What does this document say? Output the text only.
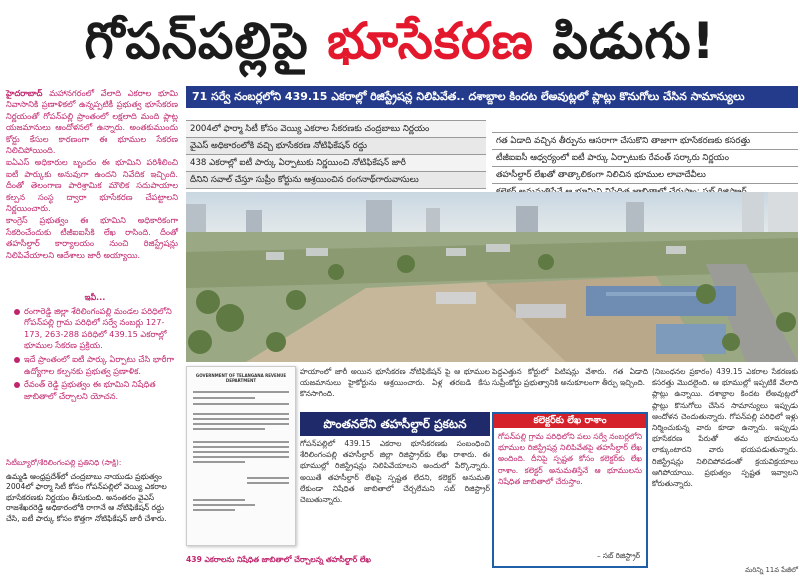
గోపన్‌పల్లిపై భూసేకరణ పిడుగు!
71 సర్వే నంబర్లలోని 439.15 ఎకరాల్లో రిజిస్ట్రేషన్ల నిలిపివేత.. దశాబ్దాల కిందట లేఅవుట్లలో ప్లాట్లు కొనుగోలు చేసిన సామాన్యులు

హైదరాబాద్ మహానగరంలో వేలాది ఎకరాల భూమి నివాసానికి ప్రణాళికలో ఉన్నప్పటికీ ప్రభుత్వ భూసేకరణ నిర్ణయంతో గోపన్‌పల్లి ప్రాంతంలో లక్షలాది మంది ప్లాట్ల యజమానులు ఆందోళనలో ఉన్నారు. అంతకుముందు కోర్టు కేసుల కారణంగా ఈ భూముల సేకరణ నిలిచిపోయింది.

ఐఏఎస్ అధికారుల బృందం ఈ భూమిని పరిశీలించి ఐటీ పార్కుకు అనువుగా ఉందని నివేదిక ఇచ్చింది. దీంతో తెలంగాణ పారిశ్రామిక మౌలిక సదుపాయాల కల్పన సంస్థ ద్వారా భూసేకరణ చేపట్టాలని నిర్ణయించారు.

కాంగ్రెస్ ప్రభుత్వం ఈ భూమిని అధికారికంగా సేకరించేందుకు టీజీఐఐసీకి లేఖ రాసింది. దీంతో తహసీల్దార్ కార్యాలయం నుంచి రిజిస్ట్రేషన్లు నిలిపివేయాలని ఆదేశాలు జారీ అయ్యాయి.

ఇవీ...
రంగారెడ్డి జిల్లా శేరిలింగంపల్లి మండల పరిధిలోని గోపన్‌పల్లి గ్రామ పరిధిలో సర్వే నంబర్లు 127-173, 263-288 పరిధిలో 439.15 ఎకరాల్లో భూముల సేకరణ ప్రక్రియ.
ఇదే ప్రాంతంలో ఐటీ పార్కు ఏర్పాటు చేసి భారీగా ఉద్యోగాల కల్పనకు ప్రభుత్వ ప్రణాళిక.
రేవంత్ రెడ్డి ప్రభుత్వం ఈ భూమిని నిషేధిత జాబితాలో చేర్చాలని యోచన.
సిటీబ్యూరో/శేరిలింగంపల్లి ప్రతినిధి (సాక్షి):
ఉమ్మడి ఆంధ్రప్రదేశ్‌లో చంద్రబాబు నాయుడు ప్రభుత్వం 2004లో ఫార్మా సిటీ కోసం గోపన్‌పల్లిలో వెయ్యి ఎకరాల భూసేకరణకు నిర్ణయం తీసుకుంది. అనంతరం వైఎస్ రాజశేఖరరెడ్డి అధికారంలోకి రాగానే ఆ నోటిఫికేషన్ రద్దు చేసి, ఐటీ పార్కు కోసం కొత్తగా నోటిఫికేషన్ జారీ చేశారు.
2004లో ఫార్మా సిటీ కోసం వెయ్యి ఎకరాల సేకరణకు చంద్రబాబు నిర్ణయం
వైఎస్ అధికారంలోకి వచ్చి భూసేకరణ నోటిఫికేషన్ రద్దు
438 ఎకరాల్లో ఐటీ పార్కు ఏర్పాటుకు నిర్ణయించి నోటిఫికేషన్ జారీ
దీనిని సవాల్ చేస్తూ సుప్రీం కోర్టును ఆశ్రయించిన రంగనాథ్‌గారువాసులు
గత ఏడాది వచ్చిన తీర్పును ఆసరాగా చేసుకొని తాజాగా భూసేకరణకు కసరత్తు
టీజీఐఐసీ ఆధ్వర్యంలో ఐటీ పార్కు ఏర్పాటుకు రేవంత్ సర్కారు నిర్ణయం
తహసీల్దార్ లేఖతో తాత్కాలికంగా నిలిచిన భూముల లావాదేవీలు
GOVERNMENT OF TELANGANA REVENUE DEPARTMENT
439 ఎకరాలను నిషేధిత జాబితాలో చేర్చాలన్న తహసీల్దార్ లేఖ
హయాంలో జారీ అయిన భూసేకరణ నోటిఫికేషన్ పై ఆ భూముల యజమానులు హైకోర్టును ఆశ్రయించారు. ఏళ్ల తరబడి కేసు కొనసాగింది.
పెద్దఎత్తున కోర్టులో పిటిషన్లు వేశారు. గత ఏడాది సుప్రీంకోర్టు ప్రభుత్వానికి అనుకూలంగా తీర్పు ఇచ్చింది.
(నిబంధనల ప్రకారం) 439.15 ఎకరాల సేకరణకు కసరత్తు మొదలైంది. ఆ భూముల్లో ఇప్పటికే వేలాది ప్లాట్లు ఉన్నాయి. దశాబ్దాల కిందట లేఅవుట్లలో ప్లాట్లు కొనుగోలు చేసిన సామాన్యులు ఇప్పుడు ఆందోళన చెందుతున్నారు. గోపన్‌పల్లి పరిధిలో ఇళ్లు నిర్మించుకున్న వారు కూడా ఉన్నారు. ఇప్పుడు భూసేకరణ పేరుతో తమ భూములను లాక్కుంటారని వారు భయపడుతున్నారు. రిజిస్ట్రేషన్లు నిలిచిపోవడంతో క్రయవిక్రయాలు ఆగిపోయాయి. ప్రభుత్వం స్పష్టత ఇవ్వాలని కోరుతున్నారు.
పొంతనలేని తహసీల్దార్ ప్రకటన
గోపన్‌పల్లిలో 439.15 ఎకరాల భూసేకరణకు సంబంధించి శేరిలింగంపల్లి తహసీల్దార్ జిల్లా రిజిస్ట్రార్‌కు లేఖ రాశారు. ఈ భూముల్లో రిజిస్ట్రేషన్లు నిలిపివేయాలని అందులో పేర్కొన్నారు. అయితే తహసీల్దార్ లేఖపై స్పష్టత లేదని, కలెక్టర్ అనుమతి లేకుండా నిషేధిత జాబితాలో చేర్చలేమని సబ్ రిజిస్ట్రార్ చెబుతున్నారు.
కలెక్టర్‌కు లేఖ రాశాం
గోపన్‌పల్లి గ్రామ పరిధిలోని పలు సర్వే నంబర్లలోని భూముల రిజిస్ట్రేషన్ల నిలిపివేతపై తహసీల్దార్ లేఖ అందింది. దీనిపై స్పష్టత కోసం కలెక్టర్‌కు లేఖ రాశాం. కలెక్టర్ అనుమతిస్తేనే ఆ భూములను నిషేధిత జాబితాలో చేరుస్తాం.
– సబ్ రిజిస్ట్రార్
మరిన్ని 11వ పేజీలో
